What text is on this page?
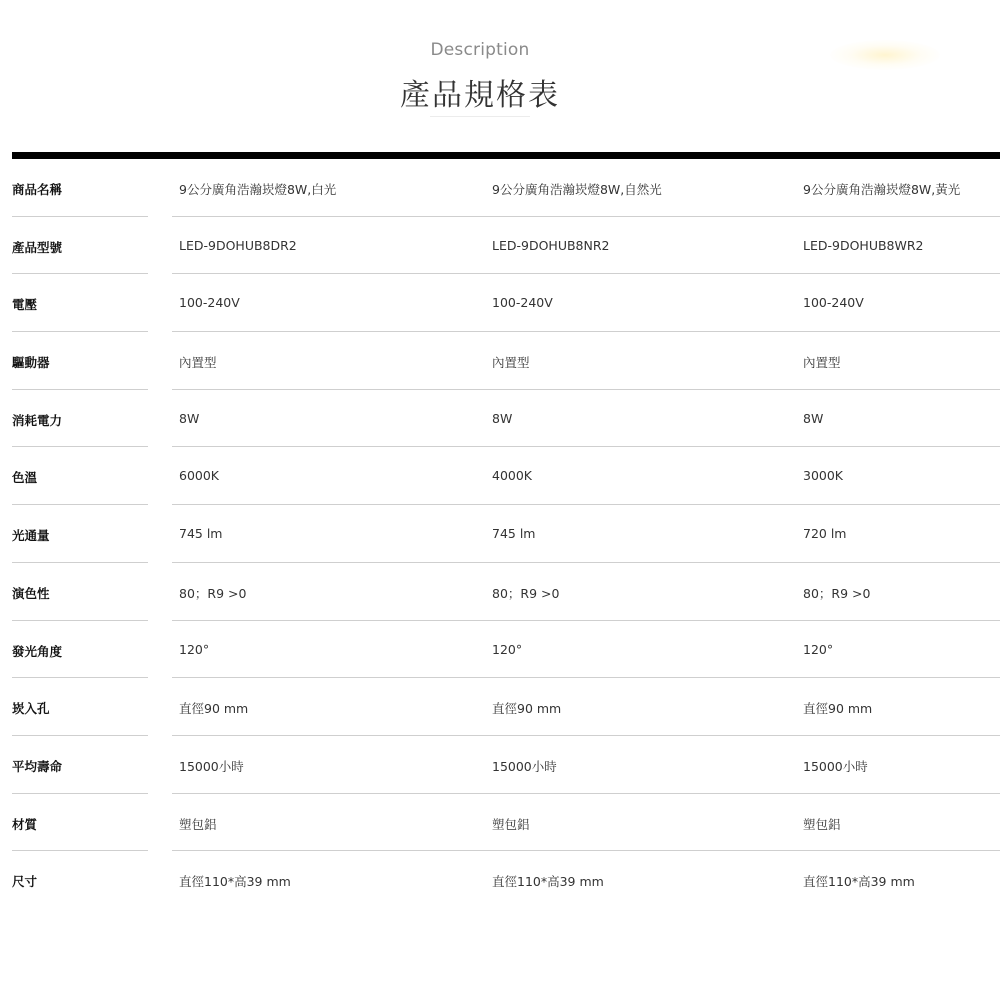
Description
產品規格表
商品名稱	9公分廣角浩瀚崁燈8W,白光	9公分廣角浩瀚崁燈8W,自然光	9公分廣角浩瀚崁燈8W,黃光
產品型號	LED-9DOHUB8DR2	LED-9DOHUB8NR2	LED-9DOHUB8WR2
電壓	100-240V	100-240V	100-240V
驅動器	內置型	內置型	內置型
消耗電力	8W	8W	8W
色溫	6000K	4000K	3000K
光通量	745 lm	745 lm	720 lm
演色性	80；R9 >0	80；R9 >0	80；R9 >0
發光角度	120°	120°	120°
崁入孔	直徑90 mm	直徑90 mm	直徑90 mm
平均壽命	15000小時	15000小時	15000小時
材質	塑包鋁	塑包鋁	塑包鋁
尺寸	直徑110*高39 mm	直徑110*高39 mm	直徑110*高39 mm
